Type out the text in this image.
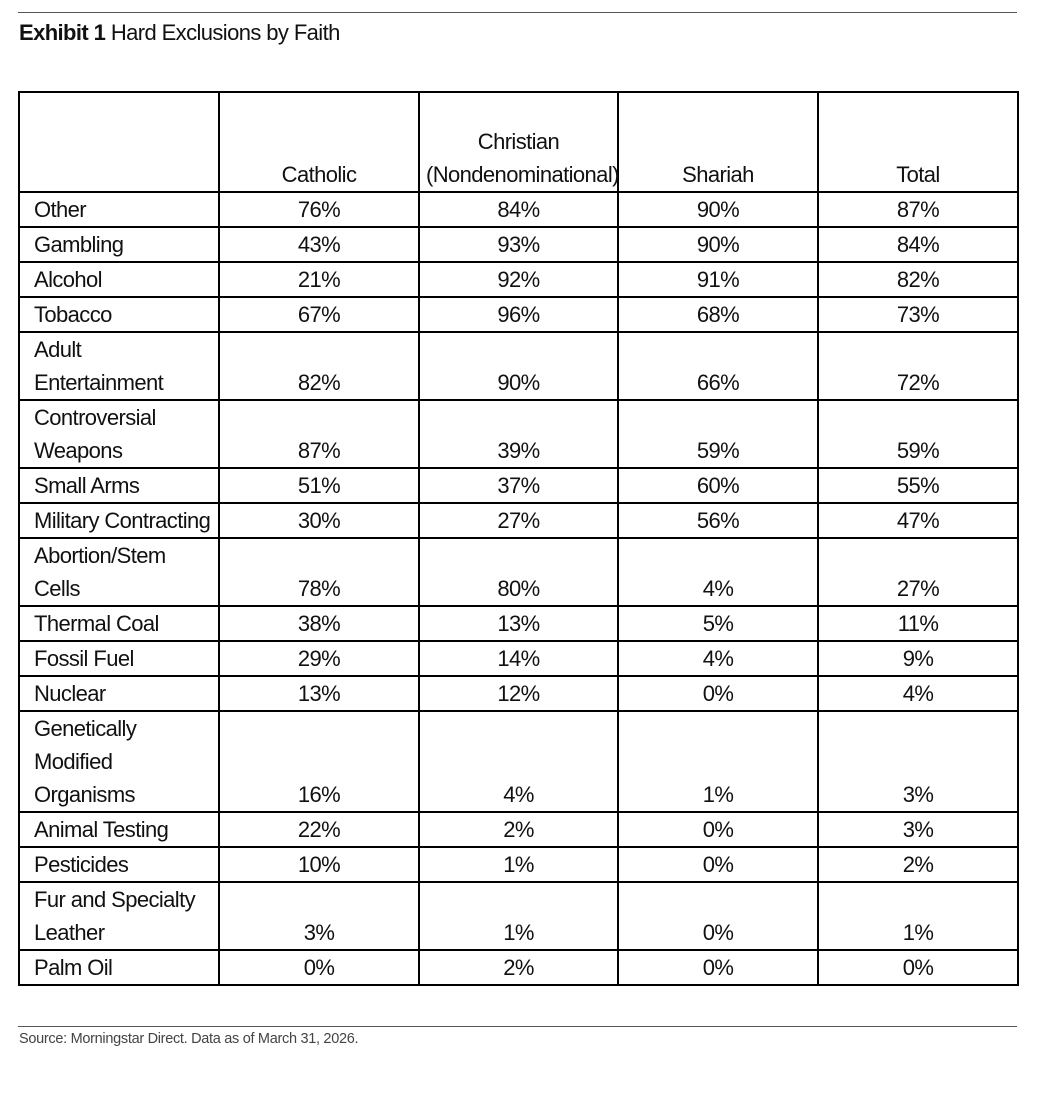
Exhibit 1 Hard Exclusions by Faith
	Catholic	Christian (Nondenominational)	Shariah	Total
Other	76%	84%	90%	87%
Gambling	43%	93%	90%	84%
Alcohol	21%	92%	91%	82%
Tobacco	67%	96%	68%	73%
Adult Entertainment	82%	90%	66%	72%
Controversial Weapons	87%	39%	59%	59%
Small Arms	51%	37%	60%	55%
Military Contracting	30%	27%	56%	47%
Abortion/Stem Cells	78%	80%	4%	27%
Thermal Coal	38%	13%	5%	11%
Fossil Fuel	29%	14%	4%	9%
Nuclear	13%	12%	0%	4%
Genetically Modified Organisms	16%	4%	1%	3%
Animal Testing	22%	2%	0%	3%
Pesticides	10%	1%	0%	2%
Fur and Specialty Leather	3%	1%	0%	1%
Palm Oil	0%	2%	0%	0%
Source: Morningstar Direct. Data as of March 31, 2026.
